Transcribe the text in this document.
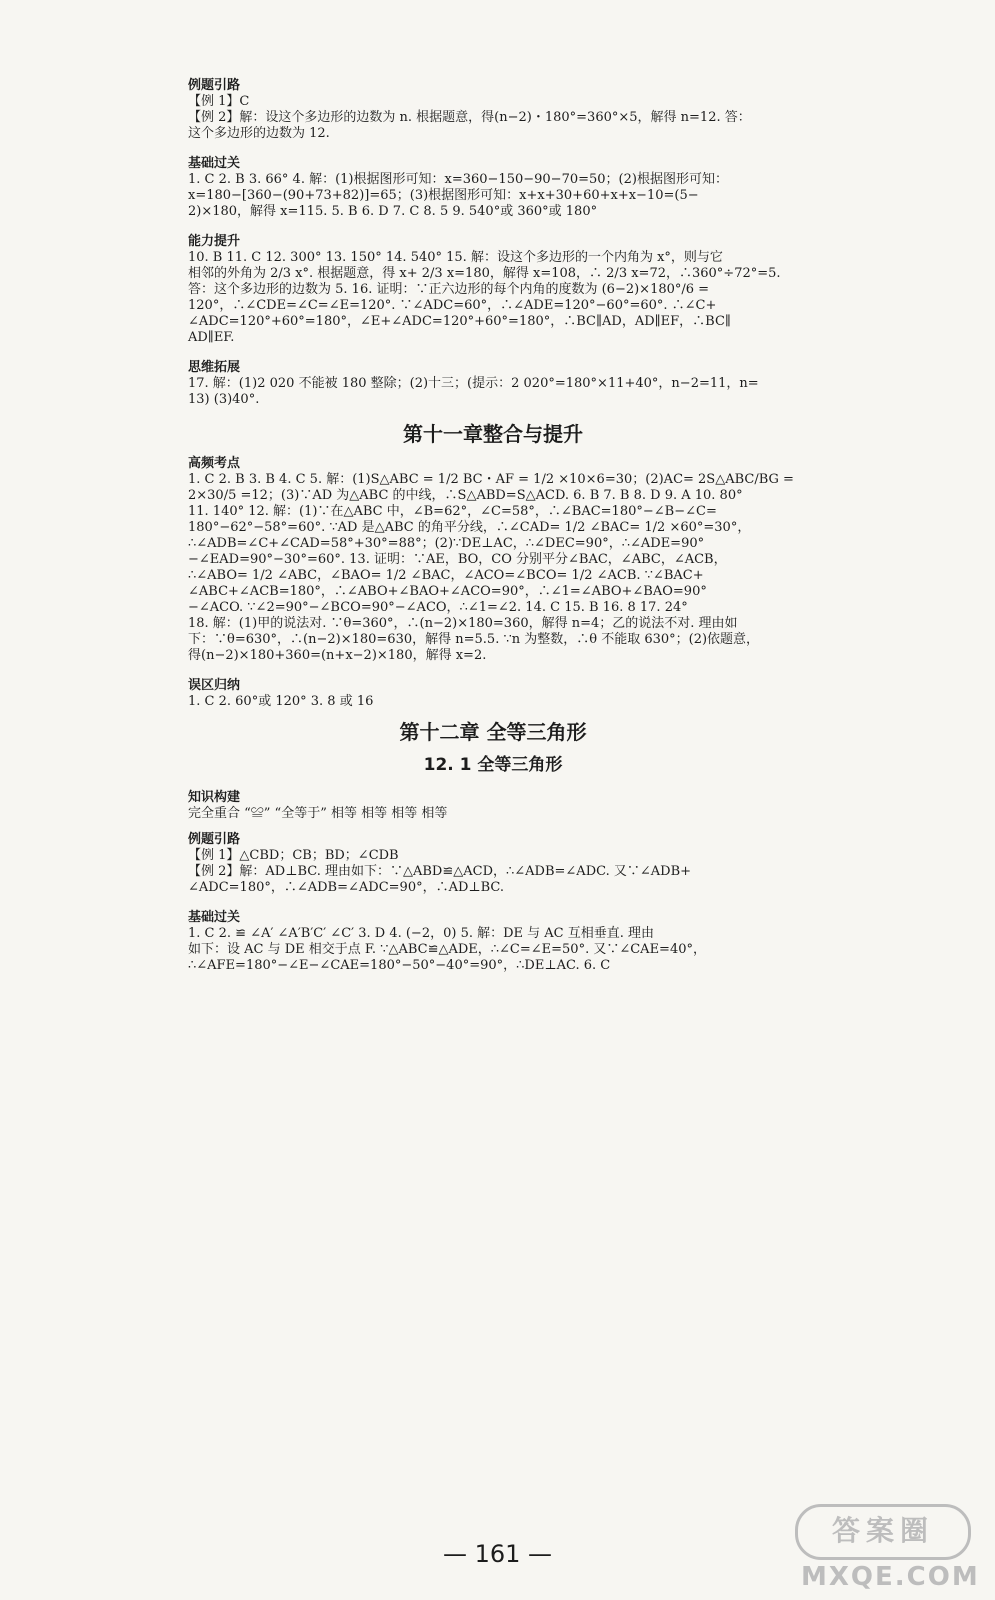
例题引路
【例 1】C
【例 2】解：设这个多边形的边数为 n. 根据题意，得(n−2)・180°=360°×5，解得 n=12. 答：
这个多边形的边数为 12.
基础过关
1. C 2. B 3. 66° 4. 解：(1)根据图形可知：x=360−150−90−70=50；(2)根据图形可知：
x=180−[360−(90+73+82)]=65；(3)根据图形可知：x+x+30+60+x+x−10=(5−
2)×180，解得 x=115. 5. B 6. D 7. C 8. 5 9. 540°或 360°或 180°
能力提升
10. B 11. C 12. 300° 13. 150° 14. 540° 15. 解：设这个多边形的一个内角为 x°，则与它
相邻的外角为 2/3 x°. 根据题意，得 x+ 2/3 x=180，解得 x=108，∴ 2/3 x=72，∴360°÷72°=5.
答：这个多边形的边数为 5. 16. 证明：∵正六边形的每个内角的度数为 (6−2)×180°/6 =
120°，∴∠CDE=∠C=∠E=120°. ∵∠ADC=60°，∴∠ADE=120°−60°=60°. ∴∠C+
∠ADC=120°+60°=180°，∠E+∠ADC=120°+60°=180°，∴BC∥AD，AD∥EF，∴BC∥
AD∥EF.
思维拓展
17. 解：(1)2 020 不能被 180 整除；(2)十三；(提示：2 020°=180°×11+40°，n−2=11，n=
13) (3)40°.
第十一章整合与提升
高频考点
1. C 2. B 3. B 4. C 5. 解：(1)S△ABC = 1/2 BC・AF = 1/2 ×10×6=30；(2)AC= 2S△ABC/BG =
2×30/5 =12；(3)∵AD 为△ABC 的中线，∴S△ABD=S△ACD. 6. B 7. B 8. D 9. A 10. 80°
11. 140° 12. 解：(1)∵在△ABC 中，∠B=62°，∠C=58°，∴∠BAC=180°−∠B−∠C=
180°−62°−58°=60°. ∵AD 是△ABC 的角平分线，∴∠CAD= 1/2 ∠BAC= 1/2 ×60°=30°，
∴∠ADB=∠C+∠CAD=58°+30°=88°；(2)∵DE⊥AC，∴∠DEC=90°，∴∠ADE=90°
−∠EAD=90°−30°=60°. 13. 证明：∵AE，BO，CO 分别平分∠BAC，∠ABC，∠ACB，
∴∠ABO= 1/2 ∠ABC，∠BAO= 1/2 ∠BAC，∠ACO=∠BCO= 1/2 ∠ACB. ∵∠BAC+
∠ABC+∠ACB=180°，∴∠ABO+∠BAO+∠ACO=90°，∴∠1=∠ABO+∠BAO=90°
−∠ACO. ∵∠2=90°−∠BCO=90°−∠ACO，∴∠1=∠2. 14. C 15. B 16. 8 17. 24°
18. 解：(1)甲的说法对. ∵θ=360°，∴(n−2)×180=360，解得 n=4；乙的说法不对. 理由如
下：∵θ=630°，∴(n−2)×180=630，解得 n=5.5. ∵n 为整数，∴θ 不能取 630°；(2)依题意，
得(n−2)×180+360=(n+x−2)×180，解得 x=2.
误区归纳
1. C 2. 60°或 120° 3. 8 或 16
第十二章 全等三角形
12. 1 全等三角形
知识构建
完全重合 “≌” “全等于” 相等 相等 相等 相等
例题引路
【例 1】△CBD；CB；BD；∠CDB
【例 2】解：AD⊥BC. 理由如下：∵△ABD≌△ACD，∴∠ADB=∠ADC. 又∵∠ADB+
∠ADC=180°，∴∠ADB=∠ADC=90°，∴AD⊥BC.
基础过关
1. C 2. ≌ ∠A′ ∠A′B′C′ ∠C′ 3. D 4. (−2，0) 5. 解：DE 与 AC 互相垂直. 理由
如下：设 AC 与 DE 相交于点 F. ∵△ABC≌△ADE，∴∠C=∠E=50°. 又∵∠CAE=40°，
∴∠AFE=180°−∠E−∠CAE=180°−50°−40°=90°，∴DE⊥AC. 6. C
— 161 —
答案圈
MXQE.COM
